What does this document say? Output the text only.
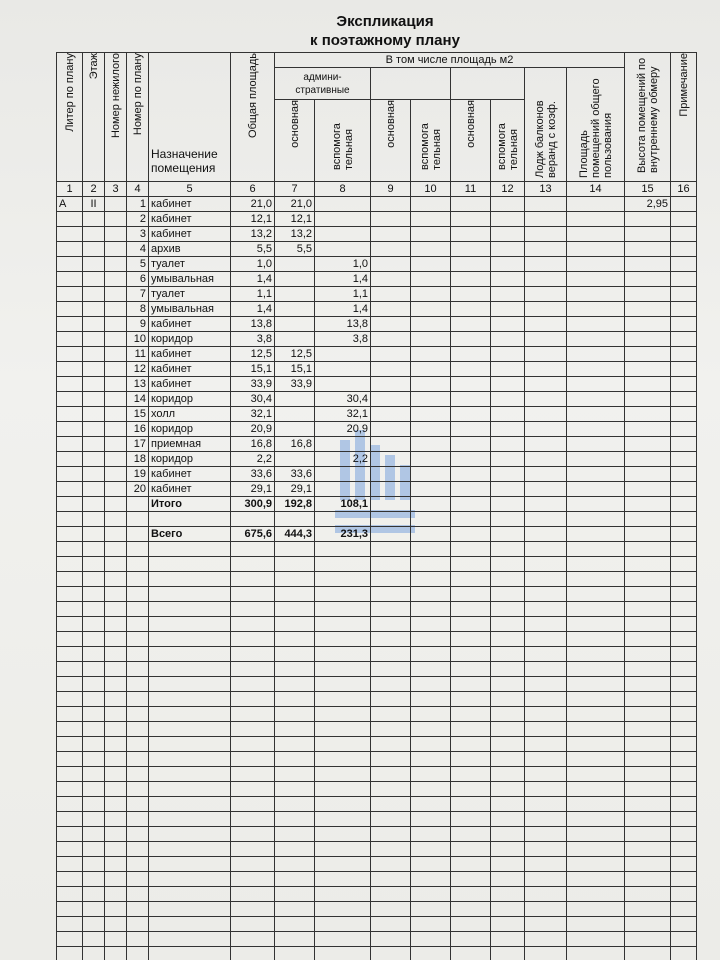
Экспликация
к поэтажному плану
Литер по плану	Этаж	Номер нежилого	Номер по плану	Назначение помещения	Общая площадь	В том числе площадь м2								Высота помещений по внутреннему обмеру	Примечание

						админи- стративные						Лодж балконов веранд с коэф.	Площадь помещений общего пользования		

						основная	вспомога тельная	основная	вспомога тельная	основная	вспомога тельная				

1	2	3	4	5	6	7	8	9	10	11	12	13	14	15	16
А	II		1	кабинет	21,0	21,0								2,95	
			2	кабинет	12,1	12,1									
			3	кабинет	13,2	13,2									
			4	архив	5,5	5,5									
			5	туалет	1,0		1,0								
			6	умывальная	1,4		1,4								
			7	туалет	1,1		1,1								
			8	умывальная	1,4		1,4								
			9	кабинет	13,8		13,8								
			10	коридор	3,8		3,8								
			11	кабинет	12,5	12,5									
			12	кабинет	15,1	15,1									
			13	кабинет	33,9	33,9									
			14	коридор	30,4		30,4								
			15	холл	32,1		32,1								
			16	коридор	20,9		20,9								
			17	приемная	16,8	16,8									
			18	коридор	2,2		2,2								
			19	кабинет	33,6	33,6									
			20	кабинет	29,1	29,1									
				Итого	300,9	192,8	108,1								

				Всего	675,6	444,3	231,3								
